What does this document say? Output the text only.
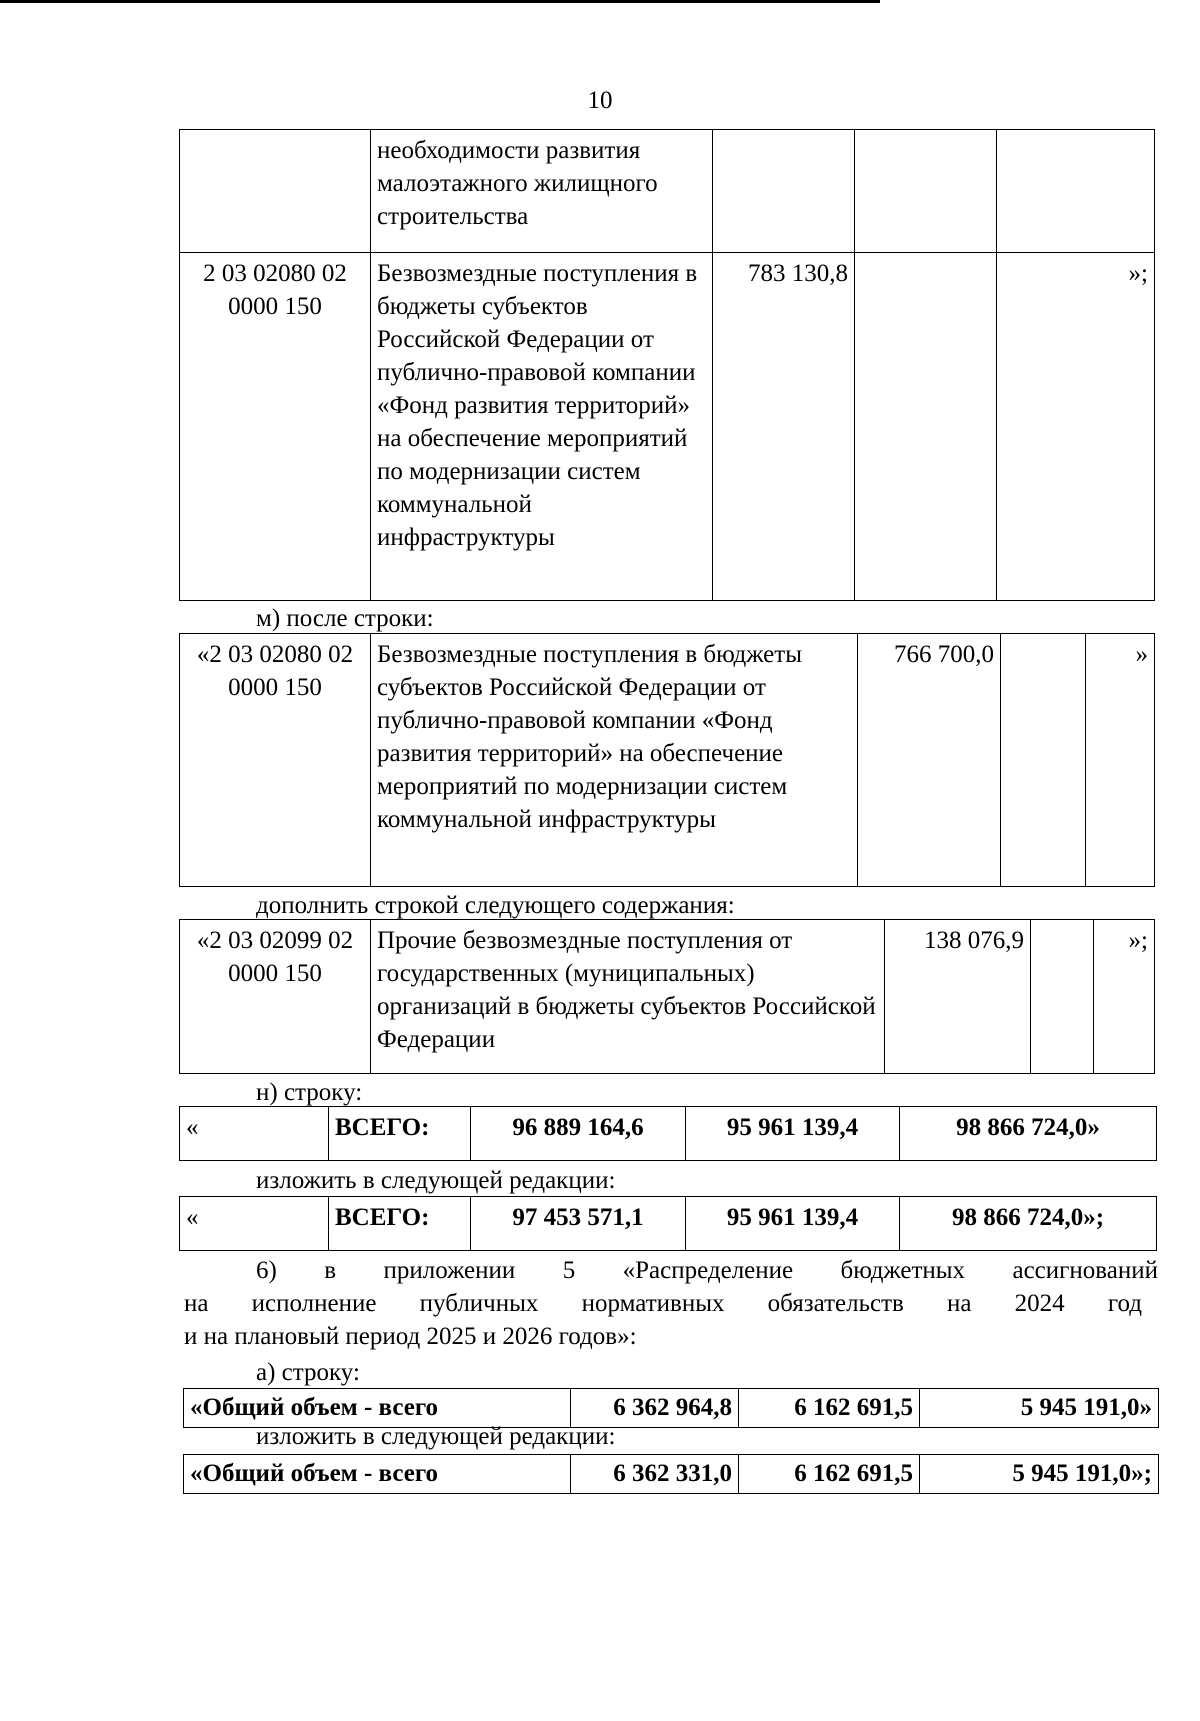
10
	необходимости развития малоэтажного жилищного строительства			
2 03 02080 02 0000 150	Безвозмездные поступления в бюджеты субъектов Российской Федерации от публично-правовой компании «Фонд развития территорий» на обеспечение мероприятий по модернизации систем коммунальной инфраструктуры	783 130,8		»;
м) после строки:
«2 03 02080 02 0000 150	Безвозмездные поступления в бюджеты субъектов Российской Федерации от публично-правовой компании «Фонд развития территорий» на обеспечение мероприятий по модернизации систем коммунальной инфраструктуры	766 700,0		»
дополнить строкой следующего содержания:
«2 03 02099 02 0000 150	Прочие безвозмездные поступления от государственных (муниципальных) организаций в бюджеты субъектов Российской Федерации	138 076,9		»;
н) строку:
«	ВСЕГО:	96 889 164,6	95 961 139,4	98 866 724,0»
изложить в следующей редакции:
«	ВСЕГО:	97 453 571,1	95 961 139,4	98 866 724,0»;
6) в приложении 5 «Распределение бюджетных ассигнований
на исполнение публичных нормативных обязательств на 2024 год
и на плановый период 2025 и 2026 годов»:
а) строку:
«Общий объем - всего	6 362 964,8	6 162 691,5	5 945 191,0»
изложить в следующей редакции:
«Общий объем - всего	6 362 331,0	6 162 691,5	5 945 191,0»;
